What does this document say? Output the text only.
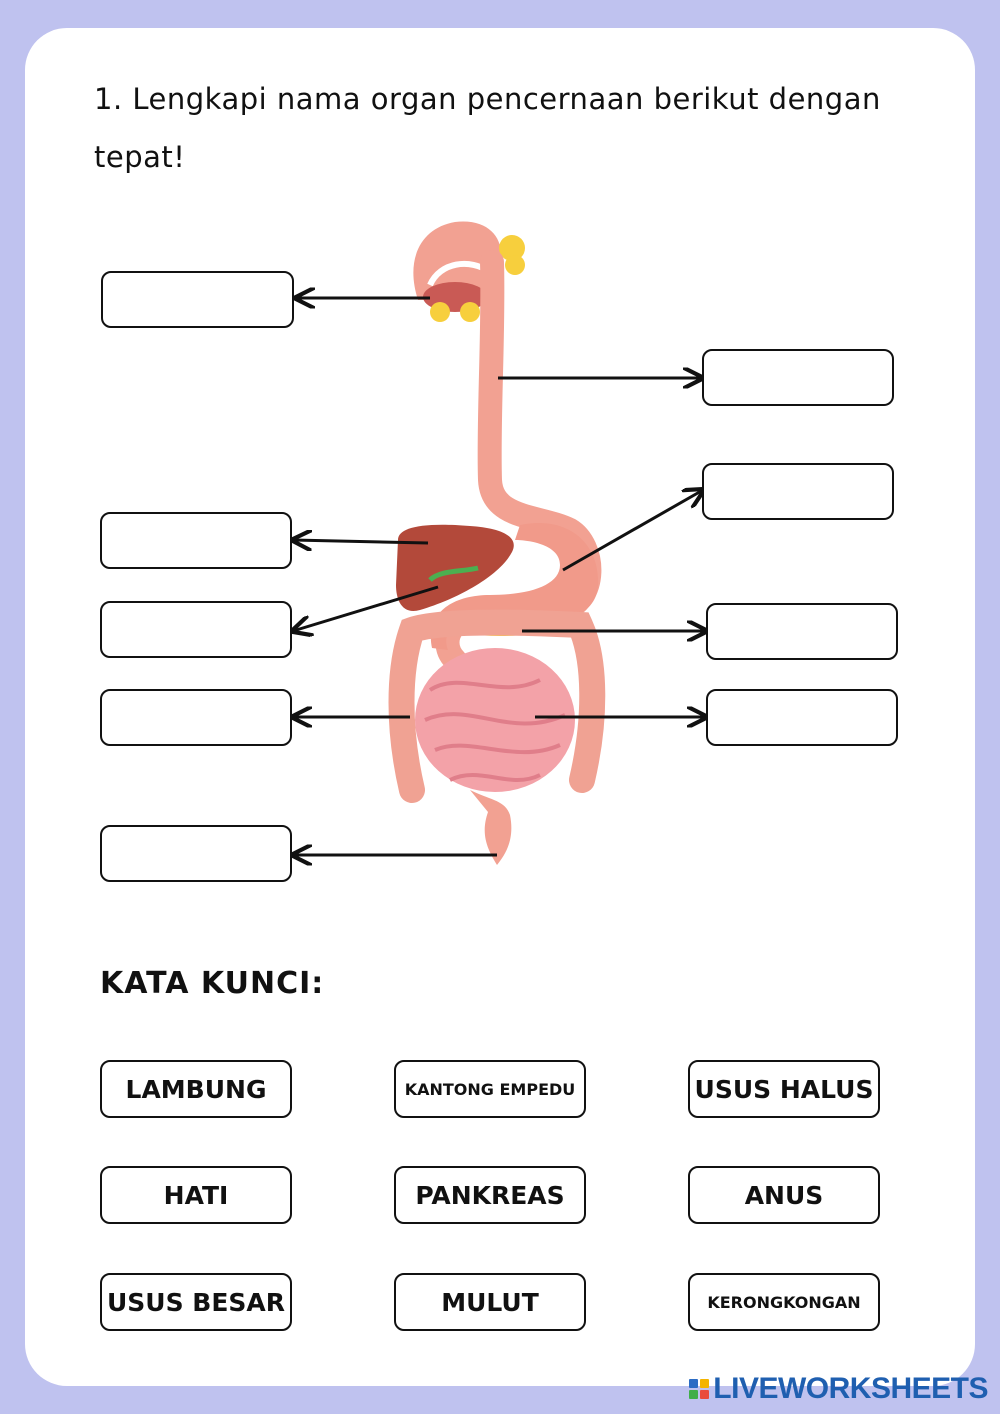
1. Lengkapi nama organ pencernaan berikut dengan tepat!
KATA KUNCI:
LAMBUNG	KANTONG EMPEDU	USUS HALUS
HATI	PANKREAS	ANUS
USUS BESAR	MULUT	KERONGKONGAN
LIVEWORKSHEETS
